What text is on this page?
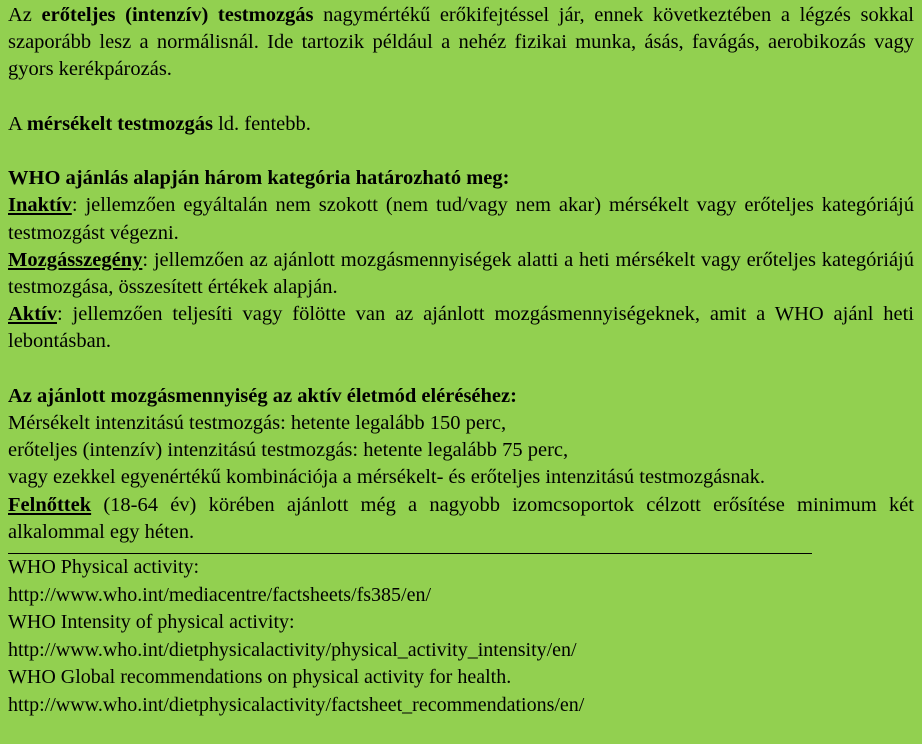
Az erőteljes (intenzív) testmozgás nagymértékű erőkifejtéssel jár, ennek következtében a légzés sokkal szaporább lesz a normálisnál. Ide tartozik például a nehéz fizikai munka, ásás, favágás, aerobikozás vagy gyors kerékpározás.

A mérsékelt testmozgás ld. fentebb.

WHO ajánlás alapján három kategória határozható meg:

Inaktív: jellemzően egyáltalán nem szokott (nem tud/vagy nem akar) mérsékelt vagy erőteljes kategóriájú testmozgást végezni.

Mozgásszegény: jellemzően az ajánlott mozgásmennyiségek alatti a heti mérsékelt vagy erőteljes kategóriájú testmozgása, összesített értékek alapján.

Aktív: jellemzően teljesíti vagy fölötte van az ajánlott mozgásmennyiségeknek, amit a WHO ajánl heti lebontásban.

Az ajánlott mozgásmennyiség az aktív életmód eléréséhez:

Mérsékelt intenzitású testmozgás: hetente legalább 150 perc,

erőteljes (intenzív) intenzitású testmozgás: hetente legalább 75 perc,

vagy ezekkel egyenértékű kombinációja a mérsékelt- és erőteljes intenzitású testmozgásnak.

Felnőttek (18-64 év) körében ajánlott még a nagyobb izomcsoportok célzott erősítése minimum két alkalommal egy héten.

WHO Physical activity:

http://www.who.int/mediacentre/factsheets/fs385/en/

WHO Intensity of physical activity:

http://www.who.int/dietphysicalactivity/physical_activity_intensity/en/

WHO Global recommendations on physical activity for health.

http://www.who.int/dietphysicalactivity/factsheet_recommendations/en/
